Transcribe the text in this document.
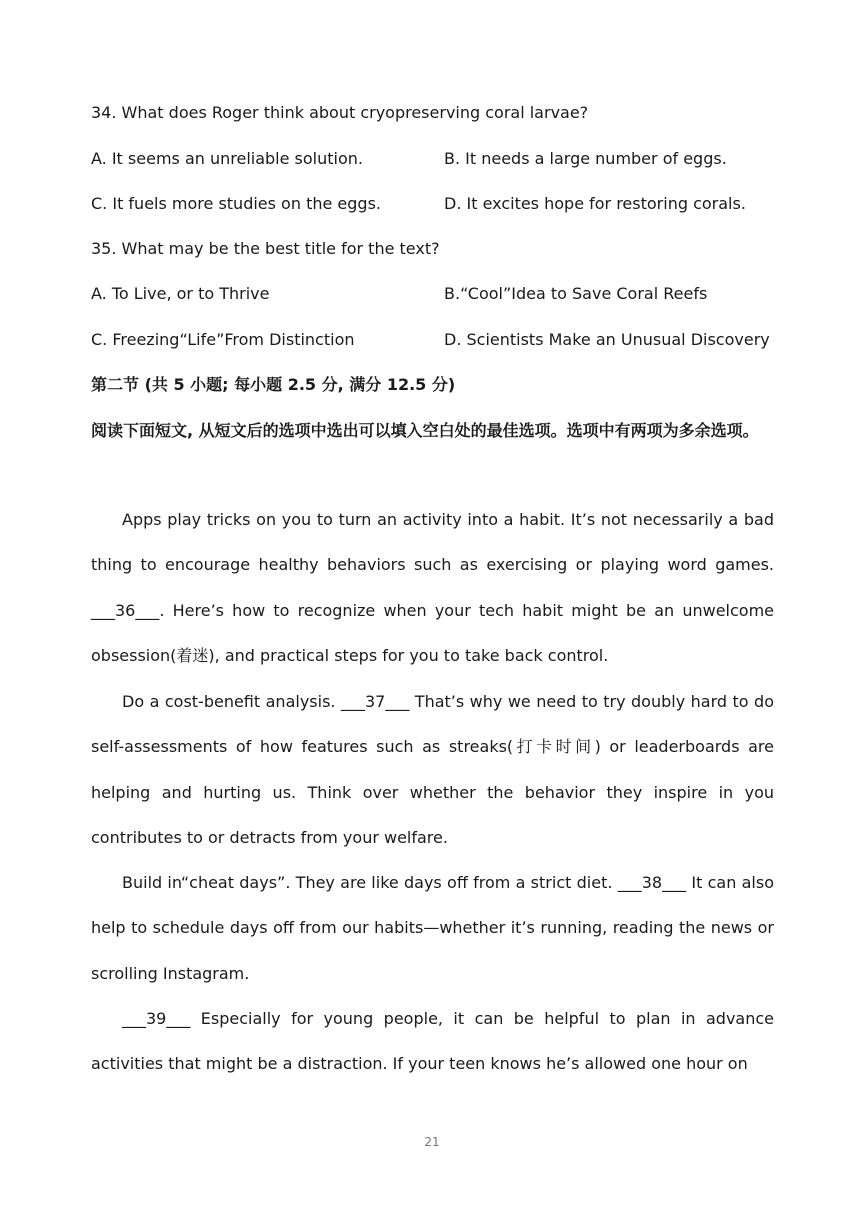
34. What does Roger think about cryopreserving coral larvae?
A. It seems an unreliable solution.	B. It needs a large number of eggs.
C. It fuels more studies on the eggs.	D. It excites hope for restoring corals.
35. What may be the best title for the text?
A. To Live, or to Thrive	B.“Cool”Idea to Save Coral Reefs
C. Freezing“Life”From Distinction	D. Scientists Make an Unusual Discovery
第二节 (共 5 小题; 每小题 2.5 分, 满分 12.5 分)
阅读下面短文, 从短文后的选项中选出可以填入空白处的最佳选项。选项中有两项为多余选项。
Apps play tricks on you to turn an activity into a habit. It’s not necessarily a bad thing to encourage healthy behaviors such as exercising or playing word games. ___36___. Here’s how to recognize when your tech habit might be an unwelcome obsession(着迷), and practical steps for you to take back control.
Do a cost-benefit analysis. ___37___ That’s why we need to try doubly hard to do self-assessments of how features such as streaks(打卡时间) or leaderboards are helping and hurting us. Think over whether the behavior they inspire in you contributes to or detracts from your welfare.
Build in“cheat days”. They are like days off from a strict diet. ___38___ It can also help to schedule days off from our habits—whether it’s running, reading the news or scrolling Instagram.
___39___ Especially for young people, it can be helpful to plan in advance activities that might be a distraction. If your teen knows he’s allowed one hour on
21
